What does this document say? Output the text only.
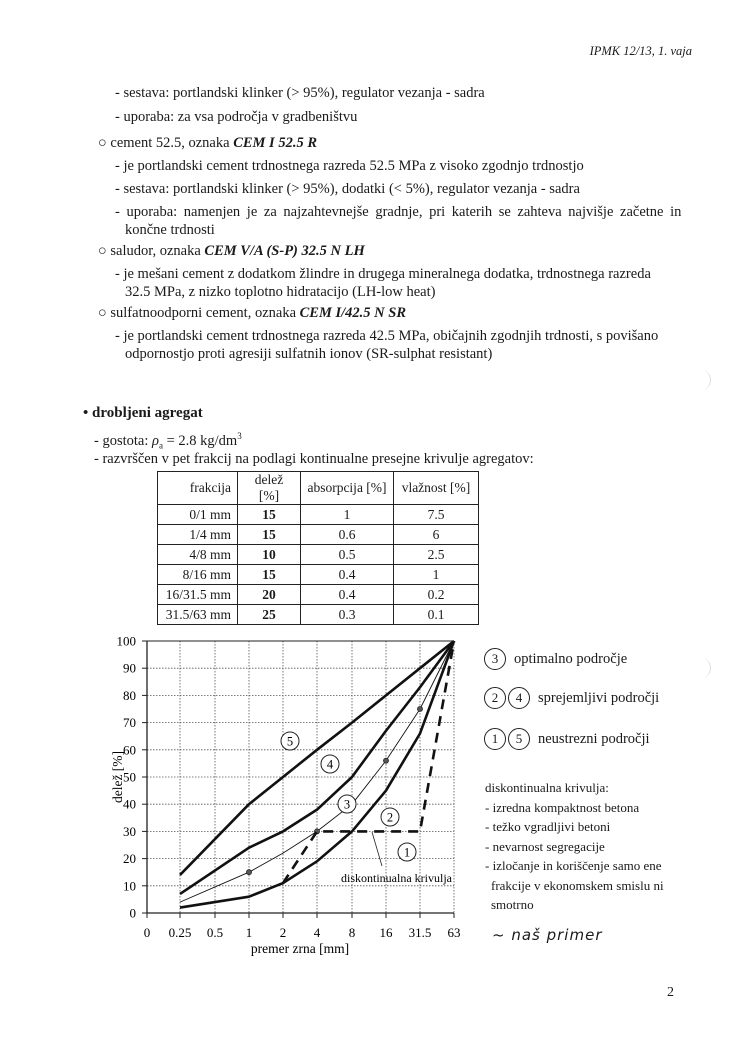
IPMK 12/13, 1. vaja
- sestava: portlandski klinker (> 95%), regulator vezanja - sadra
- uporaba: za vsa področja v gradbeništvu
○ cement 52.5, oznaka CEM I 52.5 R
- je portlandski cement trdnostnega razreda 52.5 MPa z visoko zgodnjo trdnostjo
- sestava: portlandski klinker (> 95%), dodatki (< 5%), regulator vezanja - sadra
- uporaba: namenjen je za najzahtevnejše gradnje, pri katerih se zahteva najvišje začetne in
končne trdnosti
○ saludor, oznaka CEM V/A (S-P) 32.5 N LH
- je mešani cement z dodatkom žlindre in drugega mineralnega dodatka, trdnostnega razreda
32.5 MPa, z nizko toplotno hidratacijo (LH-low heat)
○ sulfatnoodporni cement, oznaka CEM I/42.5 N SR
- je portlandski cement trdnostnega razreda 42.5 MPa, običajnih zgodnjih trdnosti, s povišano
odpornostjo proti agresiji sulfatnih ionov (SR-sulphat resistant)
• drobljeni agregat
- gostota: $\rho_a = 2.8$ $kg/dm^3$
- razvrščen v pet frakcij na podlagi kontinualne presejne krivulje agregatov:
frakcija	delež [%]	absorpcija [%]	vlažnost [%]
0/1 mm	15	1	7.5
1/4 mm	15	0.6	6
4/8 mm	10	0.5	2.5
8/16 mm	15	0.4	1
16/31.5 mm	20	0.4	0.2
31.5/63 mm	25	0.3	0.1
0
10
20
30
40
50
60
70
80
90
100
0 0.25 0.5 1 2 4 8 16 31.5 63
1
2
3
4
5
premer zrna [mm]
delež [%]
diskontinualna krivulja
3	optimalno področje
2	4	sprejemljivi področji
1	5	neustrezni področji
diskontinualna krivulja:
- izredna kompaktnost betona
- težko vgradljivi betoni
- nevarnost segregacije
- izločanje in koriščenje samo ene
frakcije v ekonomskem smislu ni
smotrno
~ naš primer
2
